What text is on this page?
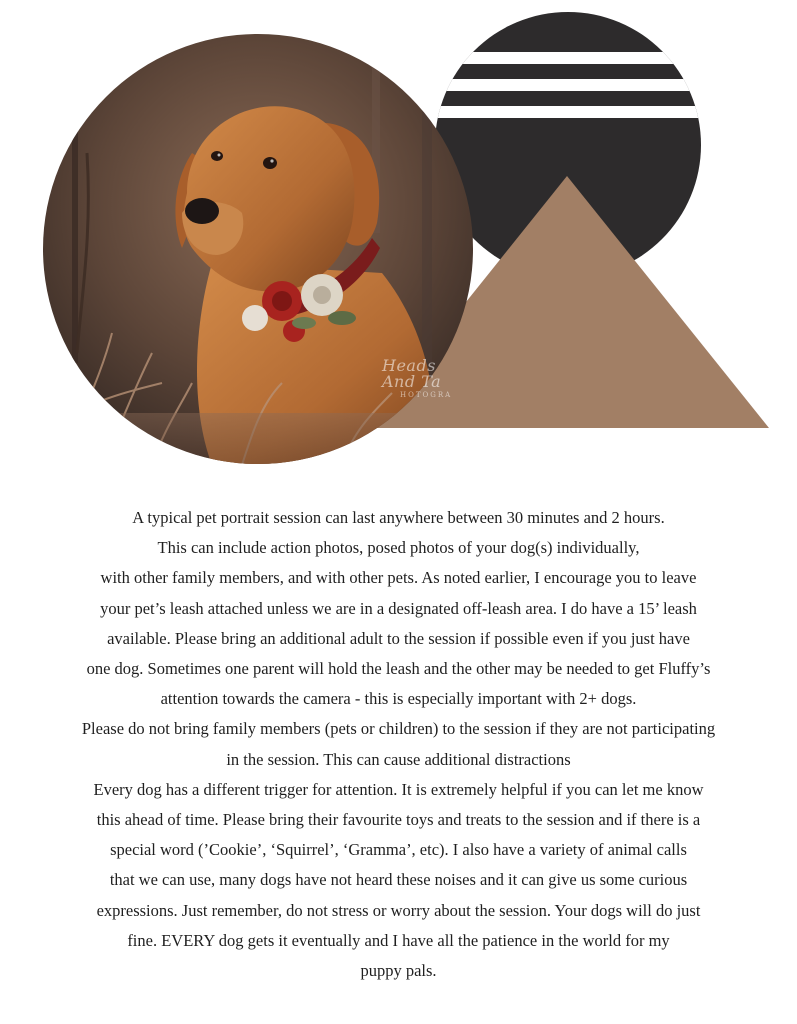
Heads And Ta
HOTOGRA

A typical pet portrait session can last anywhere between 30 minutes and 2 hours.

This can include action photos, posed photos of your dog(s) individually,

with other family members, and with other pets. As noted earlier, I encourage you to leave

your pet’s leash attached unless we are in a designated off-leash area. I do have a 15’ leash

available. Please bring an additional adult to the session if possible even if you just have

one dog. Sometimes one parent will hold the leash and the other may be needed to get Fluffy’s

attention towards the camera - this is especially important with 2+ dogs.

Please do not bring family members (pets or children) to the session if they are not participating

in the session. This can cause additional distractions

Every dog has a different trigger for attention. It is extremely helpful if you can let me know

this ahead of time. Please bring their favourite toys and treats to the session and if there is a

special word (’Cookie’, ‘Squirrel’, ‘Gramma’, etc). I also have a variety of animal calls

that we can use, many dogs have not heard these noises and it can give us some curious

expressions. Just remember, do not stress or worry about the session. Your dogs will do just

fine. EVERY dog gets it eventually and I have all the patience in the world for my

puppy pals.
